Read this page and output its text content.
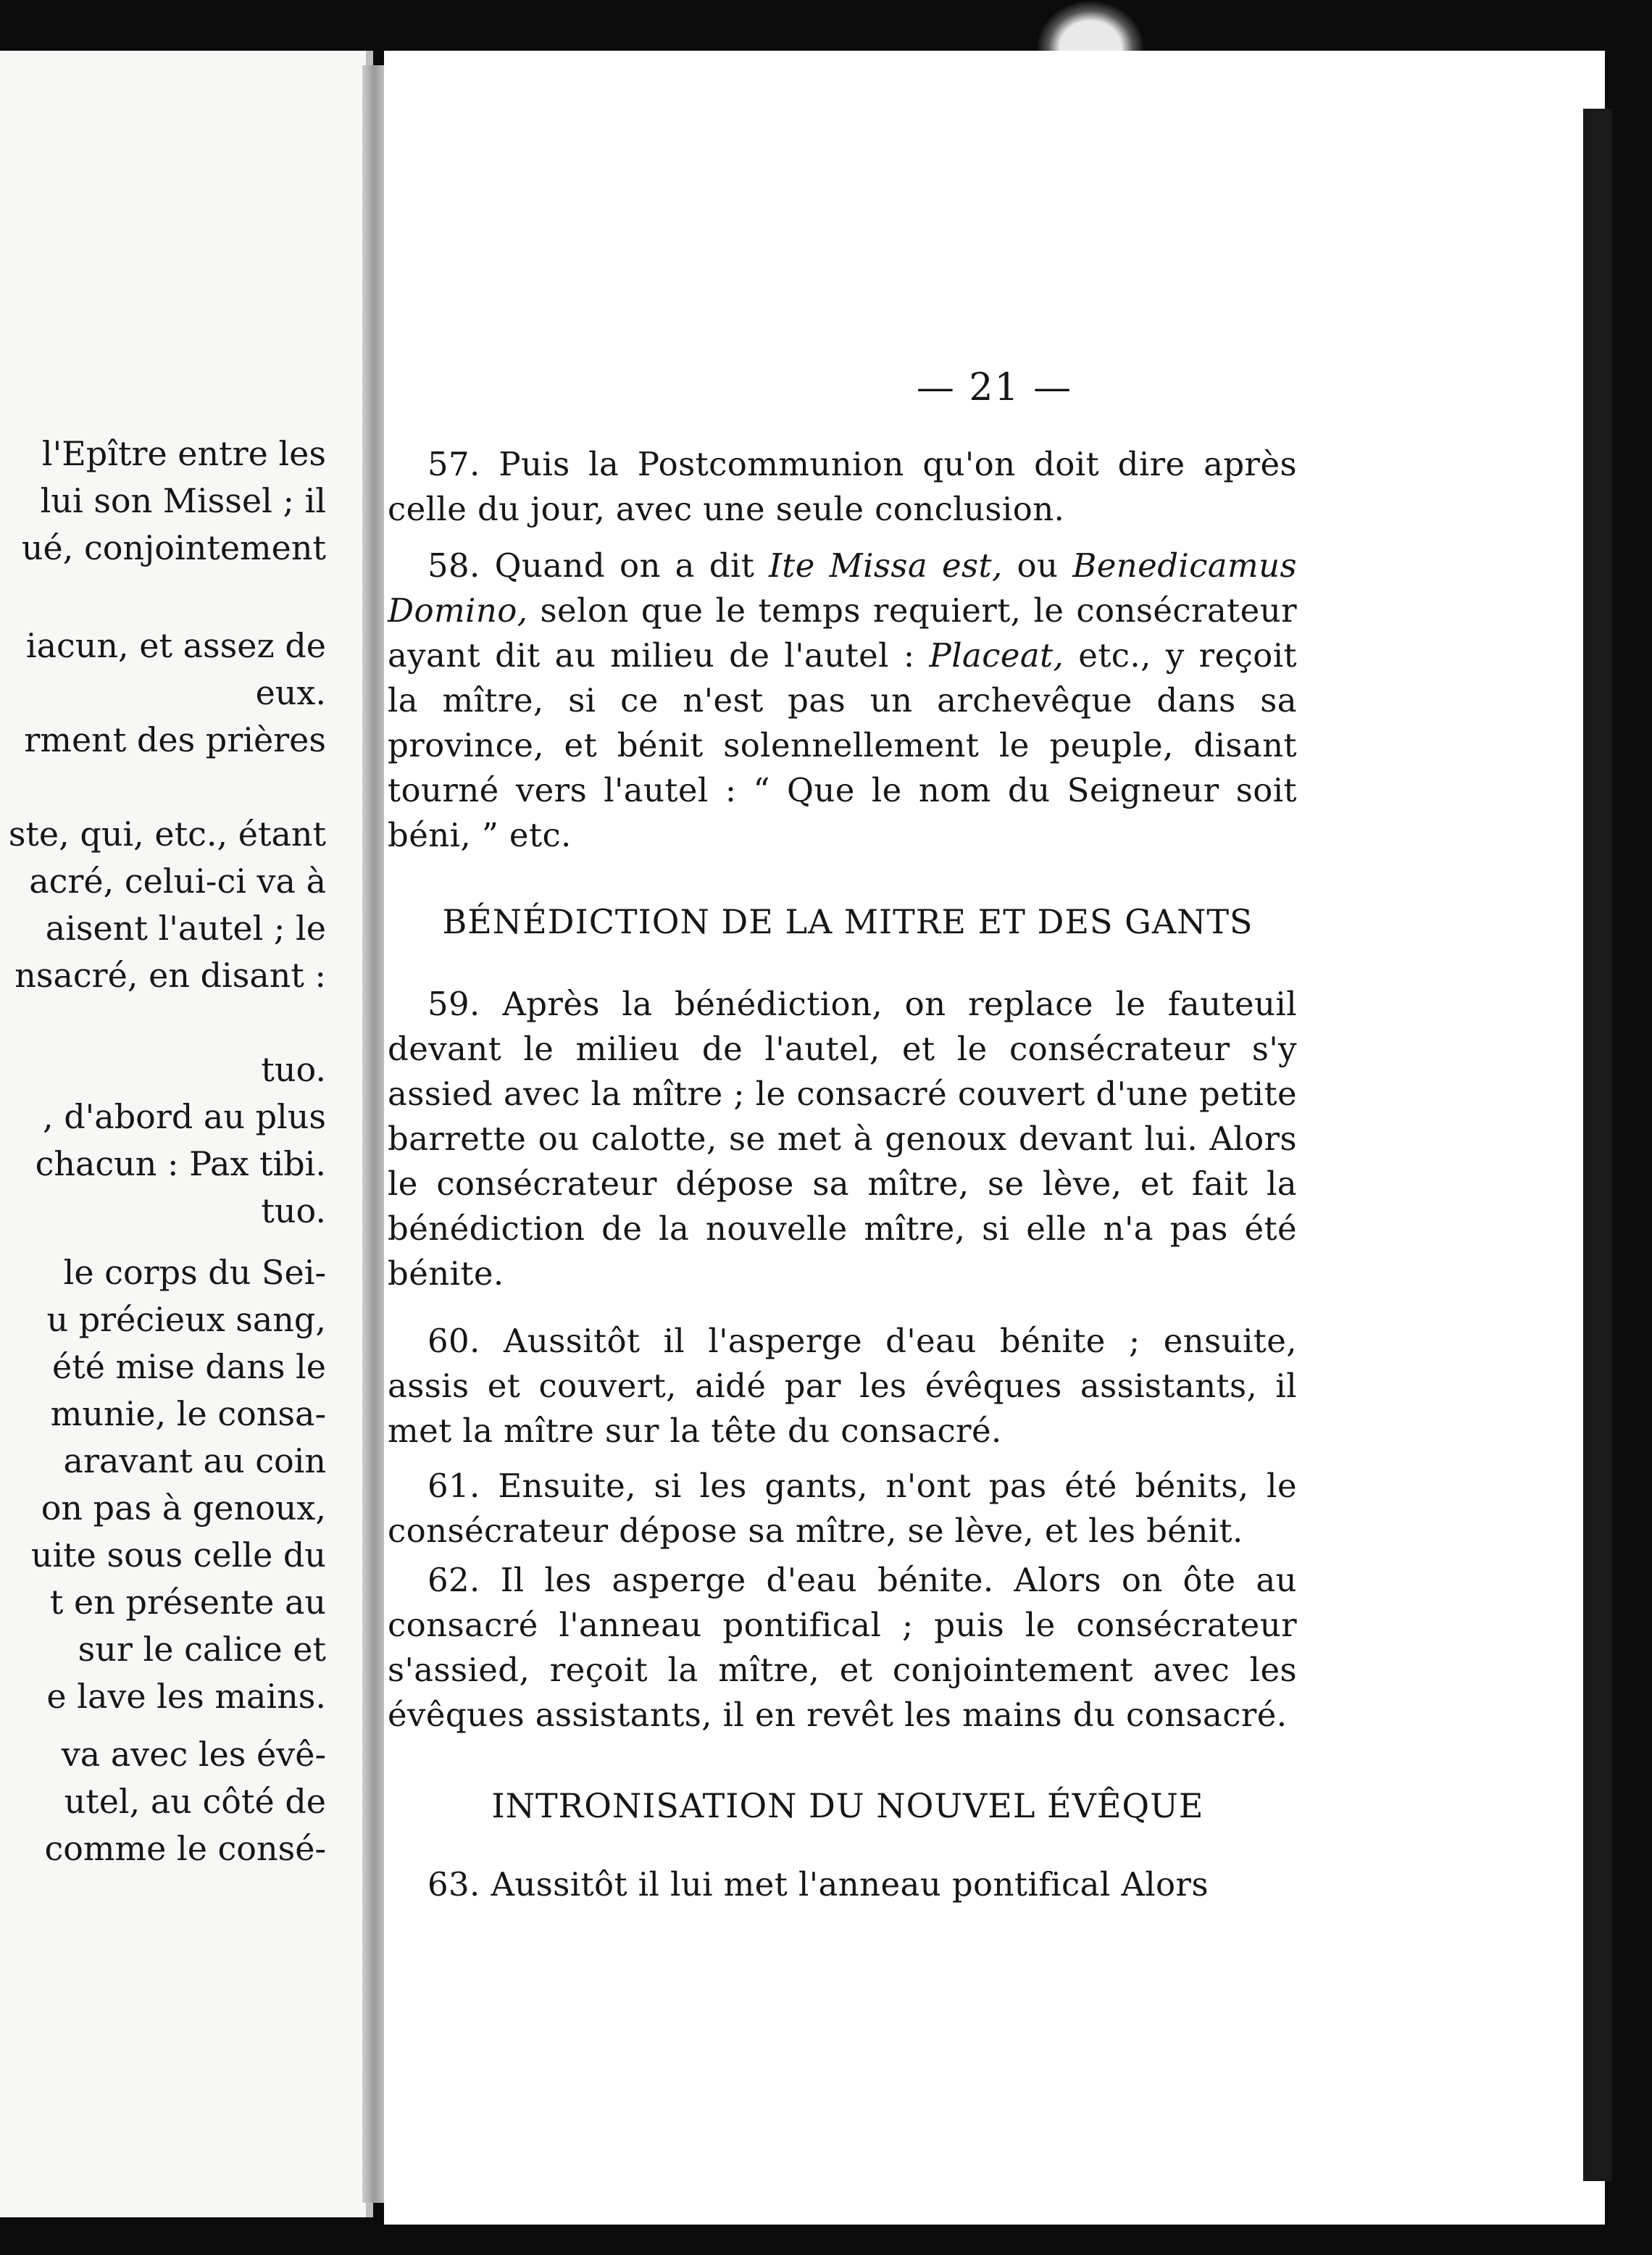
l'Epître entre les
lui son Missel ; il
ué, conjointement
iacun, et assez de
eux.
rment des prières
ste, qui, etc., étant
acré, celui-ci va à
aisent l'autel ; le
nsacré, en disant :
tuo.
, d'abord au plus
chacun : Pax tibi.
tuo.
le corps du Sei-
u précieux sang,
été mise dans le
munie, le consa-
aravant au coin
on pas à genoux,
uite sous celle du
t en présente au
sur le calice et
e lave les mains.
va avec les évê-
utel, au côté de
comme le consé-
— 21 —

57. Puis la Postcommunion qu'on doit dire après celle du jour, avec une seule conclusion.

58. Quand on a dit Ite Missa est, ou Benedicamus Domino, selon que le temps requiert, le consécrateur ayant dit au milieu de l'autel : Placeat, etc., y reçoit la mître, si ce n'est pas un archevêque dans sa province, et bénit solennellement le peuple, disant tourné vers l'autel : “ Que le nom du Seigneur soit béni, ” etc.

BÉNÉDICTION DE LA MITRE ET DES GANTS

59. Après la bénédiction, on replace le fauteuil devant le milieu de l'autel, et le consécrateur s'y assied avec la mître ; le consacré couvert d'une petite barrette ou calotte, se met à genoux devant lui. Alors le consécrateur dépose sa mître, se lève, et fait la bénédiction de la nouvelle mître, si elle n'a pas été bénite.

60. Aussitôt il l'asperge d'eau bénite ; ensuite, assis et couvert, aidé par les évêques assistants, il met la mître sur la tête du consacré.

61. Ensuite, si les gants, n'ont pas été bénits, le consécrateur dépose sa mître, se lève, et les bénit.

62. Il les asperge d'eau bénite. Alors on ôte au consacré l'anneau pontifical ; puis le consécrateur s'assied, reçoit la mître, et conjointement avec les évêques assistants, il en revêt les mains du consacré.

INTRONISATION DU NOUVEL ÉVÊQUE

63. Aussitôt il lui met l'anneau pontifical Alors
